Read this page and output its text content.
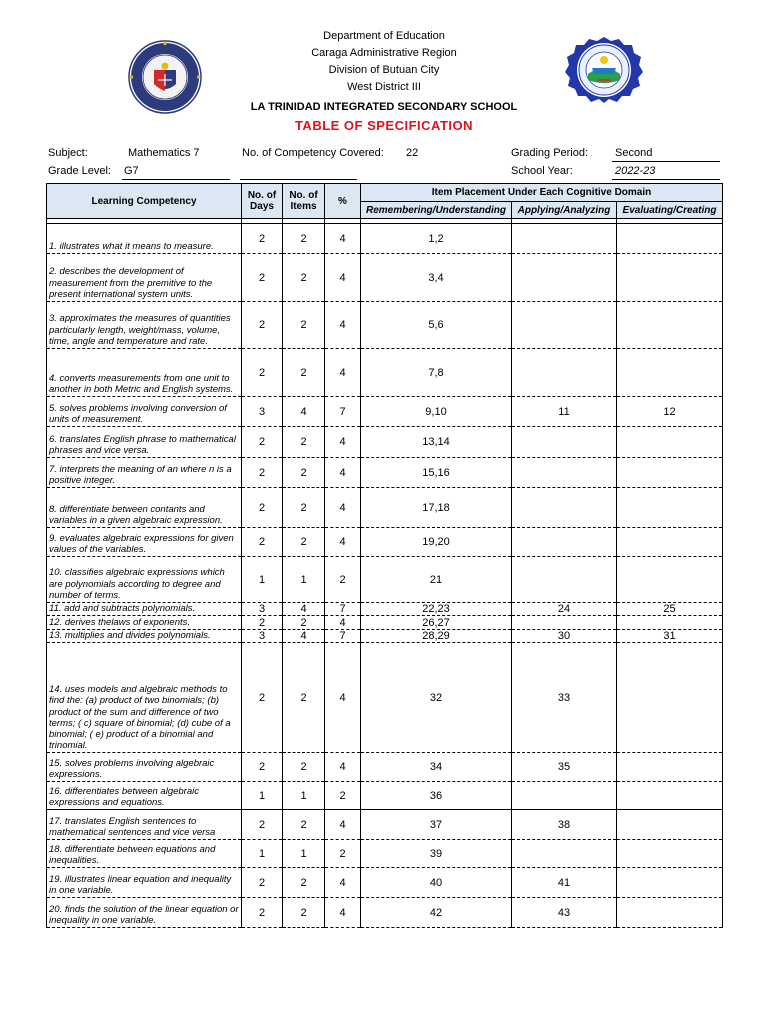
Department of Education
Caraga Administrative Region
Division of Butuan City
West District III
LA TRINIDAD INTEGRATED SECONDARY SCHOOL
TABLE OF SPECIFICATION
Subject:	Mathematics 7	No. of Competency Covered: 22	Grading Period: Second
Grade Level: G7	School Year:	2022-23
Learning Competency	No. of Days	No. of Items	%	Item Placement Under Each Cognitive Domain		
				Remembering/Understanding	Applying/Analyzing	Evaluating/Creating

1. illustrates what it means to measure.	2	2	4	1,2		
2. describes the development of measurement from the premitive to the present international system units.	2	2	4	3,4		
3. approximates the measures of quantities particularly length, weight/mass, volume, time, angle and temperature and rate.	2	2	4	5,6		
4. converts measurements from one unit to another in both Metric and English systems.	2	2	4	7,8		
5. solves problems involving conversion of units of measurement.	3	4	7	9,10	11	12
6. translates English phrase to mathematical phrases and vice versa.	2	2	4	13,14		
7. interprets the meaning of an where n is a positive integer.	2	2	4	15,16		
8. differentiate between contants and variables in a given algebraic expression.	2	2	4	17,18		
9. evaluates algebraic expressions for given values of the variables.	2	2	4	19,20		
10. classifies algebraic expressions which are polynomials according to degree and number of terms.	1	1	2	21		
11. add and subtracts polynomials.	3	4	7	22,23	24	25
12. derives thelaws of exponents.	2	2	4	26,27		
13. multiplies and divides polynomials.	3	4	7	28,29	30	31
14. uses models and algebraic methods to find the: (a) product of two binomials; (b) product of the sum and difference of two terms; ( c) square of binomial; (d) cube of a binomial; ( e) product of a binomial and trinomial.	2	2	4	32	33	
15. solves problems involving algebraic expressions.	2	2	4	34	35	
16. differentiates between algebraic expressions and equations.	1	1	2	36		
17. translates English sentences to mathematical sentences and vice versa	2	2	4	37	38	
18. differentiate between equations and inequalities.	1	1	2	39		
19. illustrates linear equation and inequality in one variable.	2	2	4	40	41	
20. finds the solution of the linear equation or inequality in one variable.	2	2	4	42	43	
